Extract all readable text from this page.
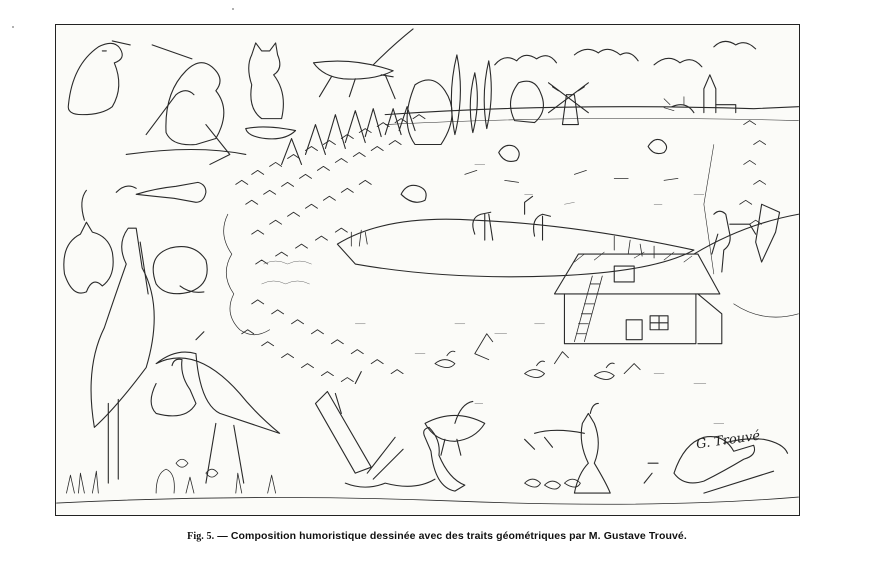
G. Trouvé
Fig. 5. — Composition humoristique dessinée avec des traits géométriques par M. Gustave Trouvé.
